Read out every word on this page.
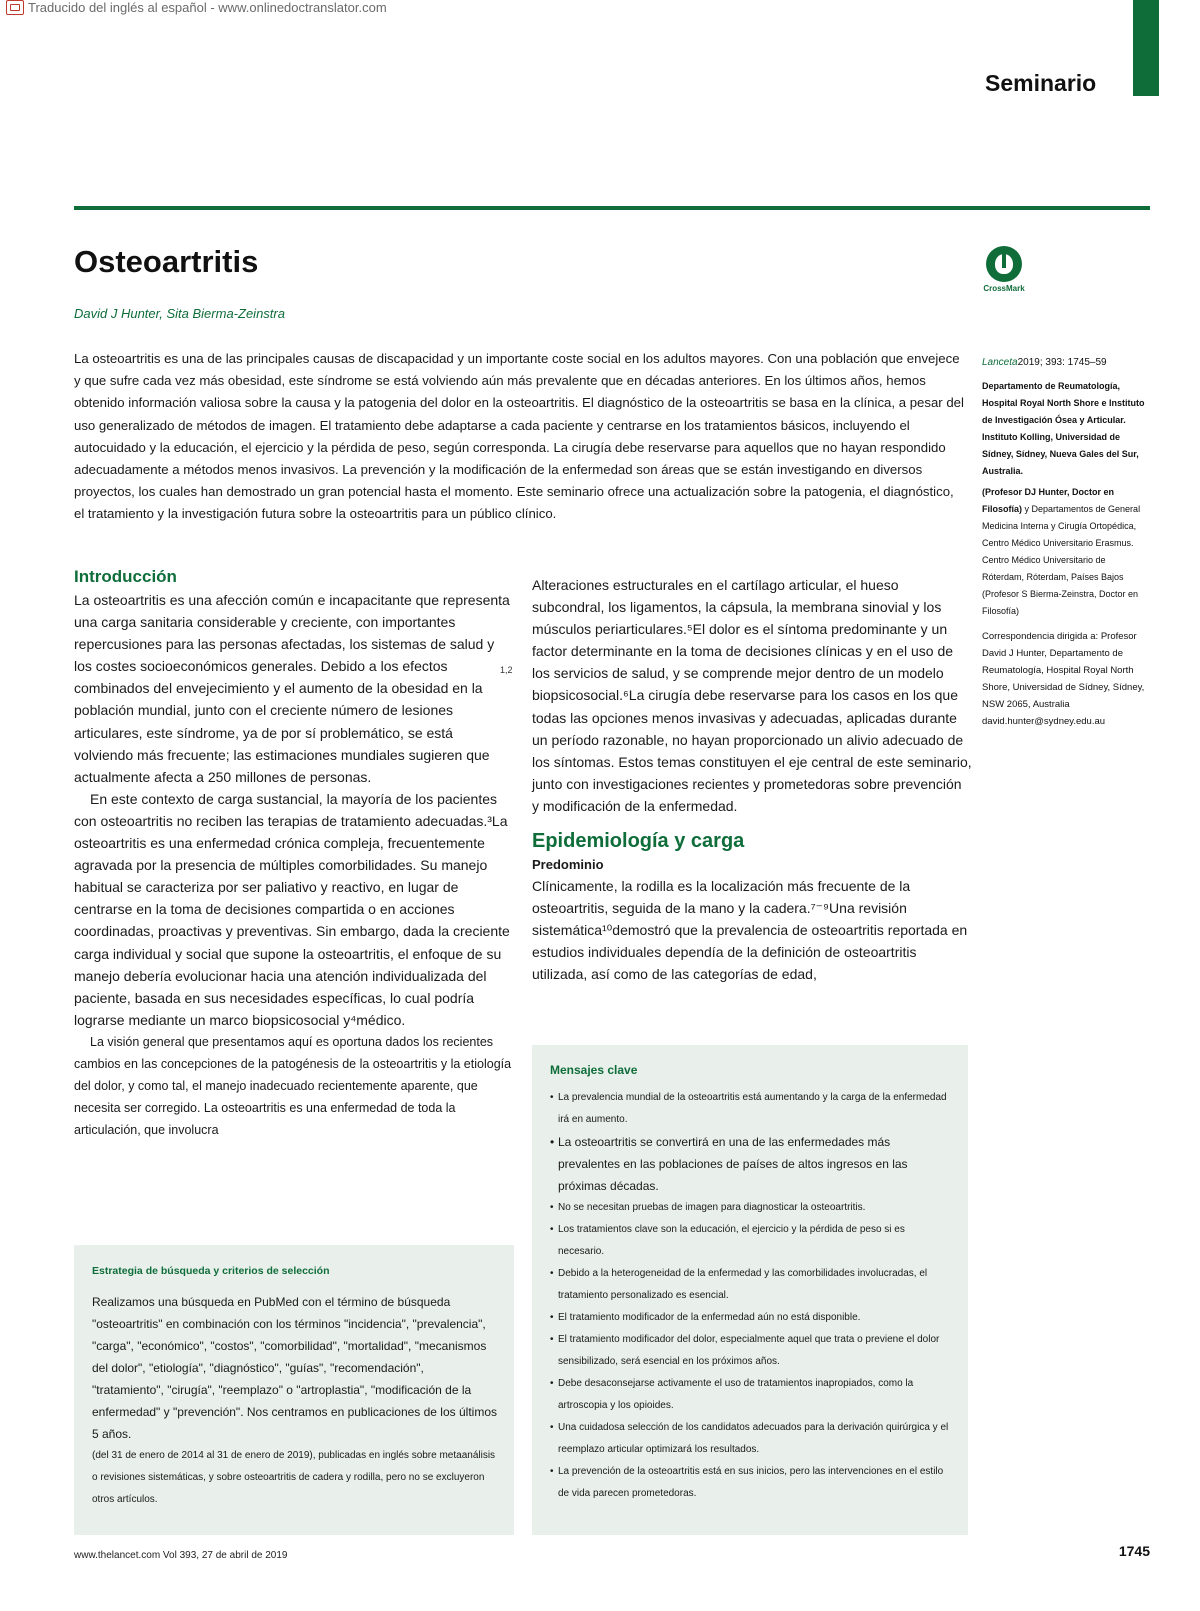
Traducido del inglés al español - www.onlinedoctranslator.com
Seminario
Osteoartritis
David J Hunter, Sita Bierma-Zeinstra
CrossMark
La osteoartritis es una de las principales causas de discapacidad y un importante coste social en los adultos mayores. Con una población que envejece y que sufre cada vez más obesidad, este síndrome se está volviendo aún más prevalente que en décadas anteriores. En los últimos años, hemos obtenido información valiosa sobre la causa y la patogenia del dolor en la osteoartritis. El diagnóstico de la osteoartritis se basa en la clínica, a pesar del uso generalizado de métodos de imagen. El tratamiento debe adaptarse a cada paciente y centrarse en los tratamientos básicos, incluyendo el autocuidado y la educación, el ejercicio y la pérdida de peso, según corresponda. La cirugía debe reservarse para aquellos que no hayan respondido adecuadamente a métodos menos invasivos. La prevención y la modificación de la enfermedad son áreas que se están investigando en diversos proyectos, los cuales han demostrado un gran potencial hasta el momento. Este seminario ofrece una actualización sobre la patogenia, el diagnóstico, el tratamiento y la investigación futura sobre la osteoartritis para un público clínico.
Lanceta2019; 393: 1745–59
Departamento de Reumatología, Hospital Royal North Shore e Instituto de Investigación Ósea y Articular. Instituto Kolling, Universidad de Sídney, Sídney, Nueva Gales del Sur, Australia.
(Profesor DJ Hunter, Doctor en Filosofía) y Departamentos de General Medicina Interna y Cirugía Ortopédica, Centro Médico Universitario Erasmus. Centro Médico Universitario de Róterdam, Róterdam, Países Bajos (Profesor S Bierma-Zeinstra, Doctor en Filosofía)
Correspondencia dirigida a: Profesor David J Hunter, Departamento de Reumatología, Hospital Royal North Shore, Universidad de Sídney, Sídney, NSW 2065, Australia david.hunter@sydney.edu.au

Introducción

La osteoartritis es una afección común e incapacitante que representa una carga sanitaria considerable y creciente, con importantes repercusiones para las personas afectadas, los sistemas de salud y los costes socioeconómicos generales. Debido a los efectos combinados del envejecimiento y el aumento de la obesidad en la población mundial, junto con el creciente número de lesiones articulares, este síndrome, ya de por sí problemático, se está volviendo más frecuente; las estimaciones mundiales sugieren que actualmente afecta a 250 millones de personas.

En este contexto de carga sustancial, la mayoría de los pacientes con osteoartritis no reciben las terapias de tratamiento adecuadas.³La osteoartritis es una enfermedad crónica compleja, frecuentemente agravada por la presencia de múltiples comorbilidades. Su manejo habitual se caracteriza por ser paliativo y reactivo, en lugar de centrarse en la toma de decisiones compartida o en acciones coordinadas, proactivas y preventivas. Sin embargo, dada la creciente carga individual y social que supone la osteoartritis, el enfoque de su manejo debería evolucionar hacia una atención individualizada del paciente, basada en sus necesidades específicas, lo cual podría lograrse mediante un marco biopsicosocial y⁴médico.

La visión general que presentamos aquí es oportuna dados los recientes cambios en las concepciones de la patogénesis de la osteoartritis y la etiología del dolor, y como tal, el manejo inadecuado recientemente aparente, que necesita ser corregido. La osteoartritis es una enfermedad de toda la articulación, que involucra

1,2

Alteraciones estructurales en el cartílago articular, el hueso subcondral, los ligamentos, la cápsula, la membrana sinovial y los músculos periarticulares.⁵El dolor es el síntoma predominante y un factor determinante en la toma de decisiones clínicas y en el uso de los servicios de salud, y se comprende mejor dentro de un modelo biopsicosocial.⁶La cirugía debe reservarse para los casos en los que todas las opciones menos invasivas y adecuadas, aplicadas durante un período razonable, no hayan proporcionado un alivio adecuado de los síntomas. Estos temas constituyen el eje central de este seminario, junto con investigaciones recientes y prometedoras sobre prevención y modificación de la enfermedad.

Epidemiología y carga

Predominio

Clínicamente, la rodilla es la localización más frecuente de la osteoartritis, seguida de la mano y la cadera.⁷⁻⁹Una revisión sistemática¹⁰demostró que la prevalencia de osteoartritis reportada en estudios individuales dependía de la definición de osteoartritis utilizada, así como de las categorías de edad,

Estrategia de búsqueda y criterios de selección
Realizamos una búsqueda en PubMed con el término de búsqueda "osteoartritis" en combinación con los términos "incidencia", "prevalencia", "carga", "económico", "costos", "comorbilidad", "mortalidad", "mecanismos del dolor", "etiología", "diagnóstico", "guías", "recomendación", "tratamiento", "cirugía", "reemplazo" o "artroplastia", "modificación de la enfermedad" y "prevención". Nos centramos en publicaciones de los últimos 5 años.
(del 31 de enero de 2014 al 31 de enero de 2019), publicadas en inglés sobre metaanálisis o revisiones sistemáticas, y sobre osteoartritis de cadera y rodilla, pero no se excluyeron otros artículos.
Mensajes clave
• La prevalencia mundial de la osteoartritis está aumentando y la carga de la enfermedad irá en aumento.
• La osteoartritis se convertirá en una de las enfermedades más prevalentes en las poblaciones de países de altos ingresos en las próximas décadas.
• No se necesitan pruebas de imagen para diagnosticar la osteoartritis.
• Los tratamientos clave son la educación, el ejercicio y la pérdida de peso si es necesario.
• Debido a la heterogeneidad de la enfermedad y las comorbilidades involucradas, el tratamiento personalizado es esencial.
• El tratamiento modificador de la enfermedad aún no está disponible.
• El tratamiento modificador del dolor, especialmente aquel que trata o previene el dolor sensibilizado, será esencial en los próximos años.
• Debe desaconsejarse activamente el uso de tratamientos inapropiados, como la artroscopia y los opioides.
• Una cuidadosa selección de los candidatos adecuados para la derivación quirúrgica y el reemplazo articular optimizará los resultados.
• La prevención de la osteoartritis está en sus inicios, pero las intervenciones en el estilo de vida parecen prometedoras.
www.thelancet.com Vol 393, 27 de abril de 2019	1745
